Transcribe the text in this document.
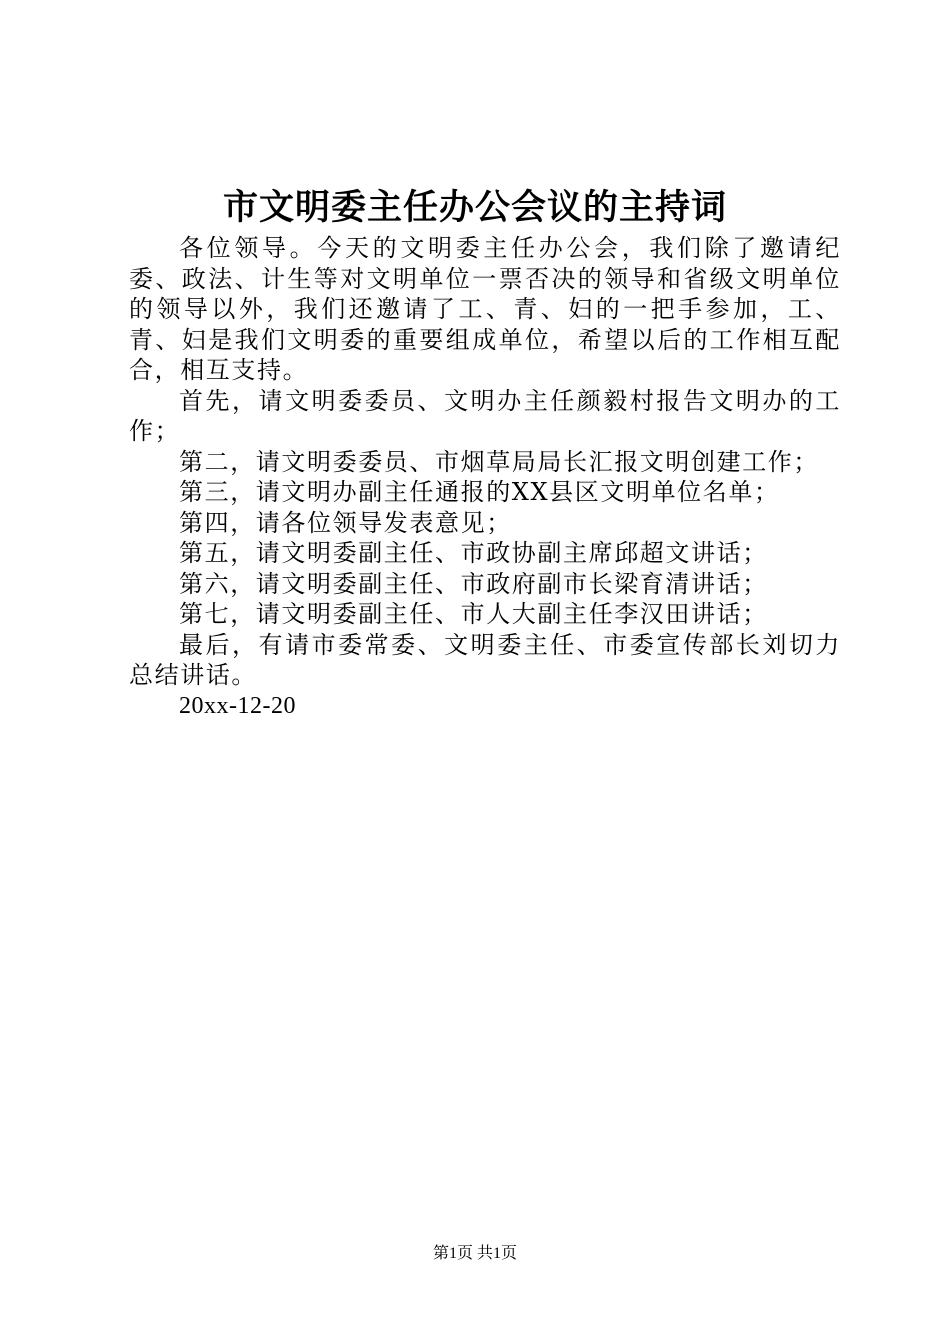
市文明委主任办公会议的主持词

各位领导。今天的文明委主任办公会，我们除了邀请纪委、政法、计生等对文明单位一票否决的领导和省级文明单位的领导以外，我们还邀请了工、青、妇的一把手参加，工、青、妇是我们文明委的重要组成单位，希望以后的工作相互配合，相互支持。

首先，请文明委委员、文明办主任颜毅村报告文明办的工作；

第二，请文明委委员、市烟草局局长汇报文明创建工作；

第三，请文明办副主任通报的XX县区文明单位名单；

第四，请各位领导发表意见；

第五，请文明委副主任、市政协副主席邱超文讲话；

第六，请文明委副主任、市政府副市长梁育清讲话；

第七，请文明委副主任、市人大副主任李汉田讲话；

最后，有请市委常委、文明委主任、市委宣传部长刘切力总结讲话。

20xx-12-20

第1页 共1页
